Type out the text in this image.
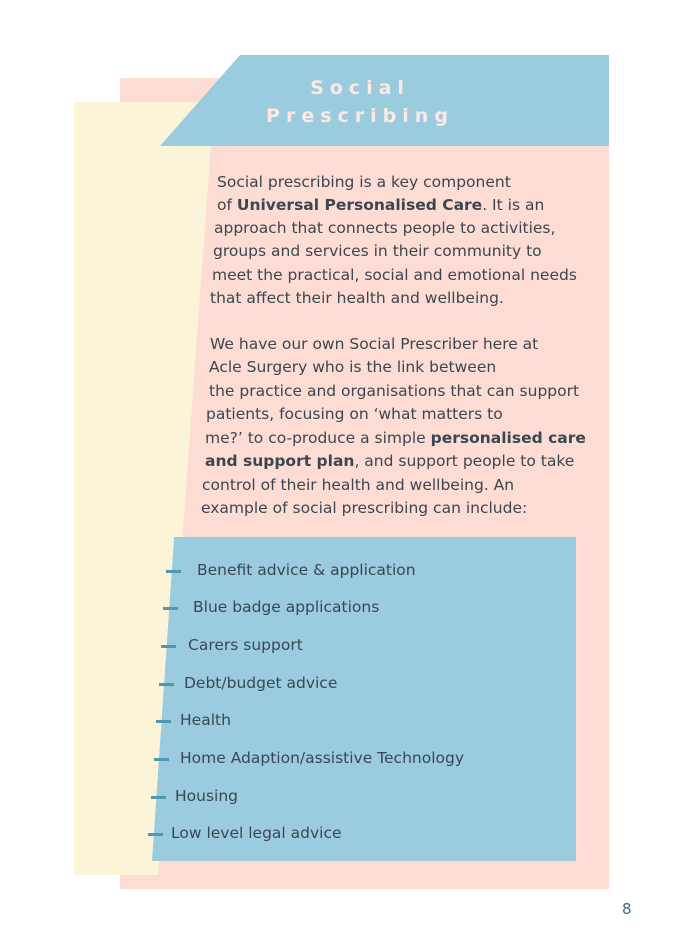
Social
Prescribing
Social prescribing is a key component
of Universal Personalised Care. It is an
approach that connects people to activities,
groups and services in their community to
meet the practical, social and emotional needs
that affect their health and wellbeing.
We have our own Social Prescriber here at
Acle Surgery who is the link between
the practice and organisations that can support
patients, focusing on ‘what matters to
me?’ to co-produce a simple personalised care
and support plan, and support people to take
control of their health and wellbeing. An
example of social prescribing can include:
Benefit advice & application
Blue badge applications
Carers support
Debt/budget advice
Health
Home Adaption/assistive Technology
Housing
Low level legal advice
8
